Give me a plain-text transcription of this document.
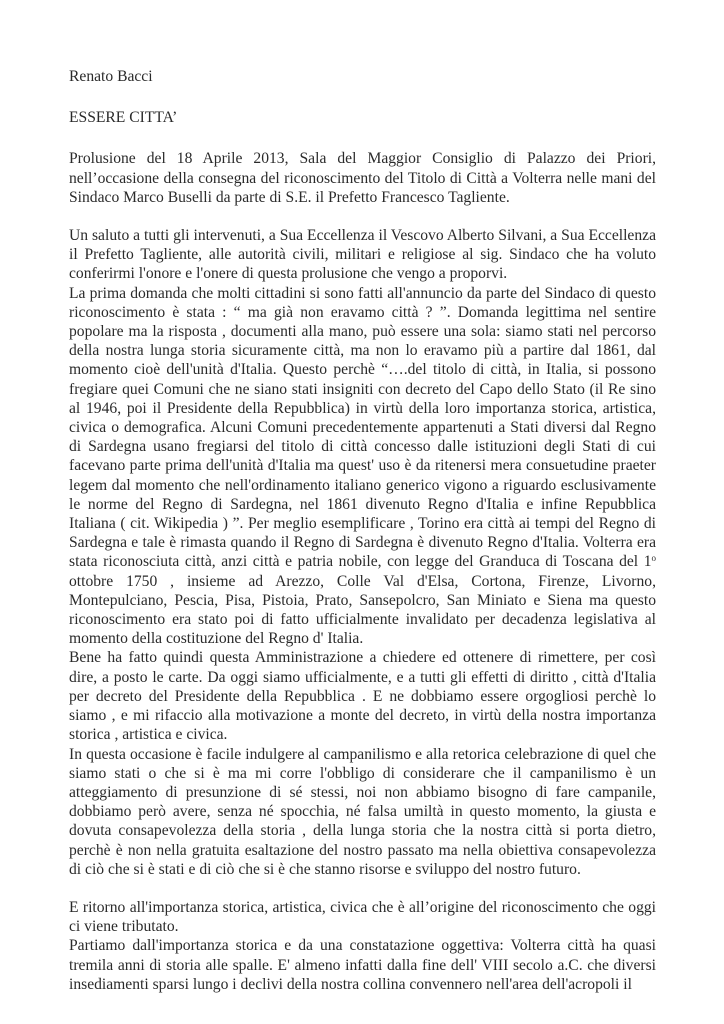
Renato Bacci
ESSERE CITTA’

Prolusione del 18 Aprile 2013, Sala del Maggior Consiglio di Palazzo dei Priori, nell’occasione della consegna del riconoscimento del Titolo di Città a Volterra nelle mani del Sindaco Marco Buselli da parte di S.E. il Prefetto Francesco Tagliente.

Un saluto a tutti gli intervenuti, a Sua Eccellenza il Vescovo Alberto Silvani, a Sua Eccellenza il Prefetto Tagliente, alle autorità civili, militari e religiose al sig. Sindaco che ha voluto conferirmi l'onore e l'onere di questa prolusione che vengo a proporvi.

La prima domanda che molti cittadini si sono fatti all'annuncio da parte del Sindaco di questo riconoscimento è stata : “ ma già non eravamo città ? ”. Domanda legittima nel sentire popolare ma la risposta , documenti alla mano, può essere una sola: siamo stati nel percorso della nostra lunga storia sicuramente città, ma non lo eravamo più a partire dal 1861, dal momento cioè dell'unità d'Italia. Questo perchè “….del titolo di città, in Italia, si possono fregiare quei Comuni che ne siano stati insigniti con decreto del Capo dello Stato (il Re sino al 1946, poi il Presidente della Repubblica) in virtù della loro importanza storica, artistica, civica o demografica. Alcuni Comuni precedentemente appartenuti a Stati diversi dal Regno di Sardegna usano fregiarsi del titolo di città concesso dalle istituzioni degli Stati di cui facevano parte prima dell'unità d'Italia ma quest' uso è da ritenersi mera consuetudine praeter legem dal momento che nell'ordinamento italiano generico vigono a riguardo esclusivamente le norme del Regno di Sardegna, nel 1861 divenuto Regno d'Italia e infine Repubblica Italiana ( cit. Wikipedia ) ”. Per meglio esemplificare , Torino era città ai tempi del Regno di Sardegna e tale è rimasta quando il Regno di Sardegna è divenuto Regno d'Italia. Volterra era stata riconosciuta città, anzi città e patria nobile, con legge del Granduca di Toscana del 1$^o$ ottobre 1750 , insieme ad Arezzo, Colle Val d'Elsa, Cortona, Firenze, Livorno, Montepulciano, Pescia, Pisa, Pistoia, Prato, Sansepolcro, San Miniato e Siena ma questo riconoscimento era stato poi di fatto ufficialmente invalidato per decadenza legislativa al momento della costituzione del Regno d' Italia.

Bene ha fatto quindi questa Amministrazione a chiedere ed ottenere di rimettere, per così dire, a posto le carte. Da oggi siamo ufficialmente, e a tutti gli effetti di diritto , città d'Italia per decreto del Presidente della Repubblica . E ne dobbiamo essere orgogliosi perchè lo siamo , e mi rifaccio alla motivazione a monte del decreto, in virtù della nostra importanza storica , artistica e civica.

In questa occasione è facile indulgere al campanilismo e alla retorica celebrazione di quel che siamo stati o che si è ma mi corre l'obbligo di considerare che il campanilismo è un atteggiamento di presunzione di sé stessi, noi non abbiamo bisogno di fare campanile, dobbiamo però avere, senza né spocchia, né falsa umiltà in questo momento, la giusta e dovuta consapevolezza della storia , della lunga storia che la nostra città si porta dietro, perchè è non nella gratuita esaltazione del nostro passato ma nella obiettiva consapevolezza di ciò che si è stati e di ciò che si è che stanno risorse e sviluppo del nostro futuro.

E ritorno all'importanza storica, artistica, civica che è all’origine del riconoscimento che oggi ci viene tributato.

Partiamo dall'importanza storica e da una constatazione oggettiva: Volterra città ha quasi tremila anni di storia alle spalle. E' almeno infatti dalla fine dell' VIII secolo a.C. che diversi insediamenti sparsi lungo i declivi della nostra collina convennero nell'area dell'acropoli il
